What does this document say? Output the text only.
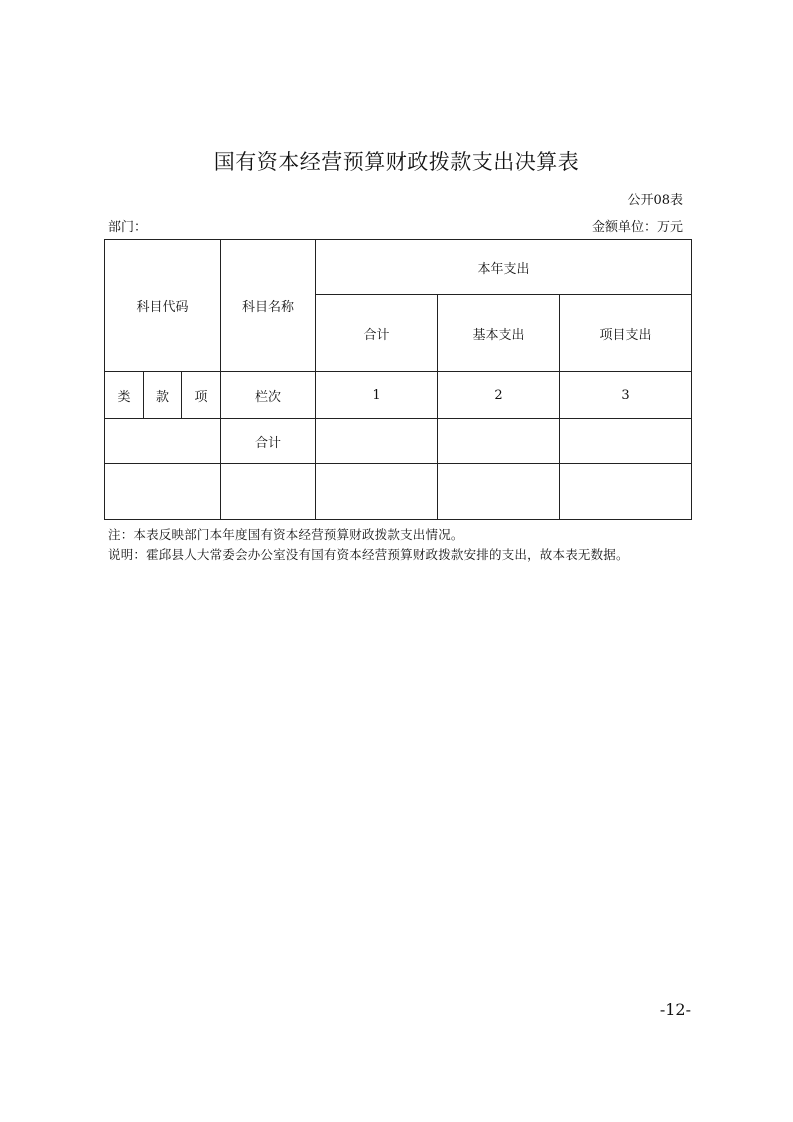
国有资本经营预算财政拨款支出决算表
公开08表
部门：	金额单位：万元
科目代码			科目名称	本年支出		
				合计	基本支出	项目支出
类	款	项	栏次	1	2	3
			合计			

注：本表反映部门本年度国有资本经营预算财政拨款支出情况。
说明：霍邱县人大常委会办公室没有国有资本经营预算财政拨款安排的支出，故本表无数据。
-12-
